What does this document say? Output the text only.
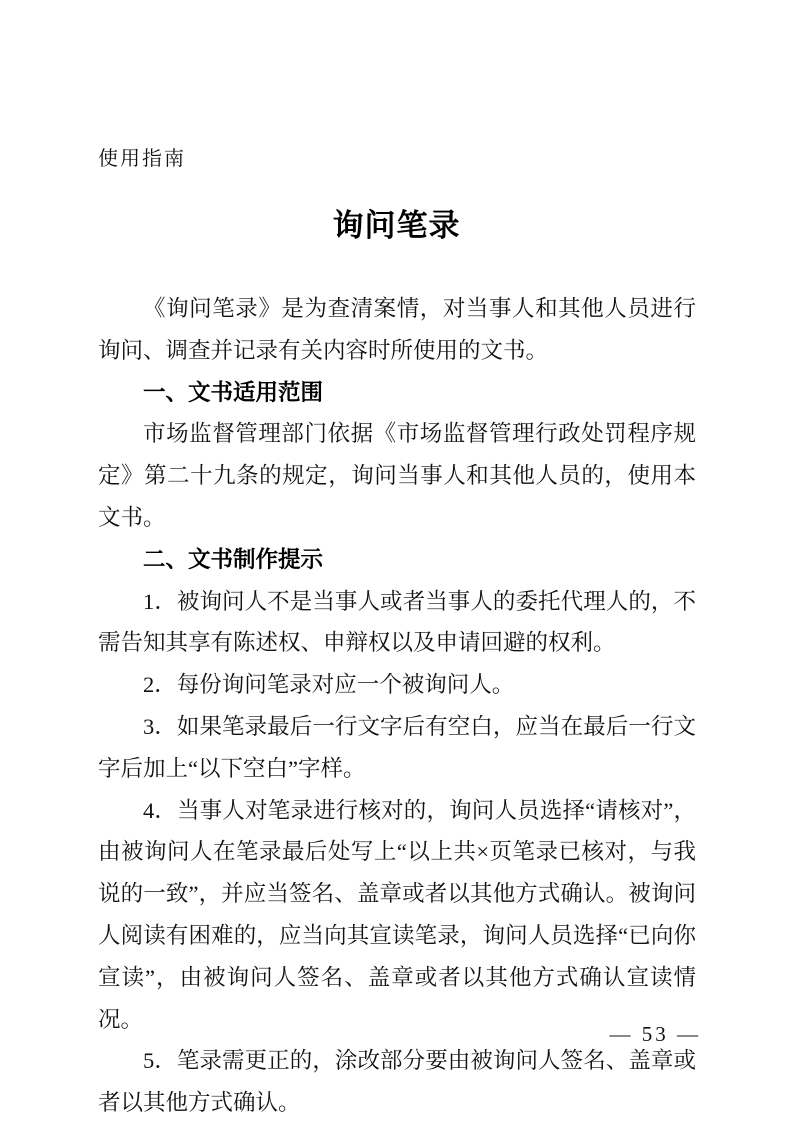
使用指南
询问笔录

《询问笔录》是为查清案情，对当事人和其他人员进行询问、调查并记录有关内容时所使用的文书。

一、文书适用范围

市场监督管理部门依据《市场监督管理行政处罚程序规定》第二十九条的规定，询问当事人和其他人员的，使用本文书。

二、文书制作提示

1．被询问人不是当事人或者当事人的委托代理人的，不需告知其享有陈述权、申辩权以及申请回避的权利。

2．每份询问笔录对应一个被询问人。

3．如果笔录最后一行文字后有空白，应当在最后一行文字后加上“以下空白”字样。

4．当事人对笔录进行核对的，询问人员选择“请核对”，由被询问人在笔录最后处写上“以上共×页笔录已核对，与我说的一致”，并应当签名、盖章或者以其他方式确认。被询问人阅读有困难的，应当向其宣读笔录，询问人员选择“已向你宣读”，由被询问人签名、盖章或者以其他方式确认宣读情况。

5．笔录需更正的，涂改部分要由被询问人签名、盖章或者以其他方式确认。

— 53 —
